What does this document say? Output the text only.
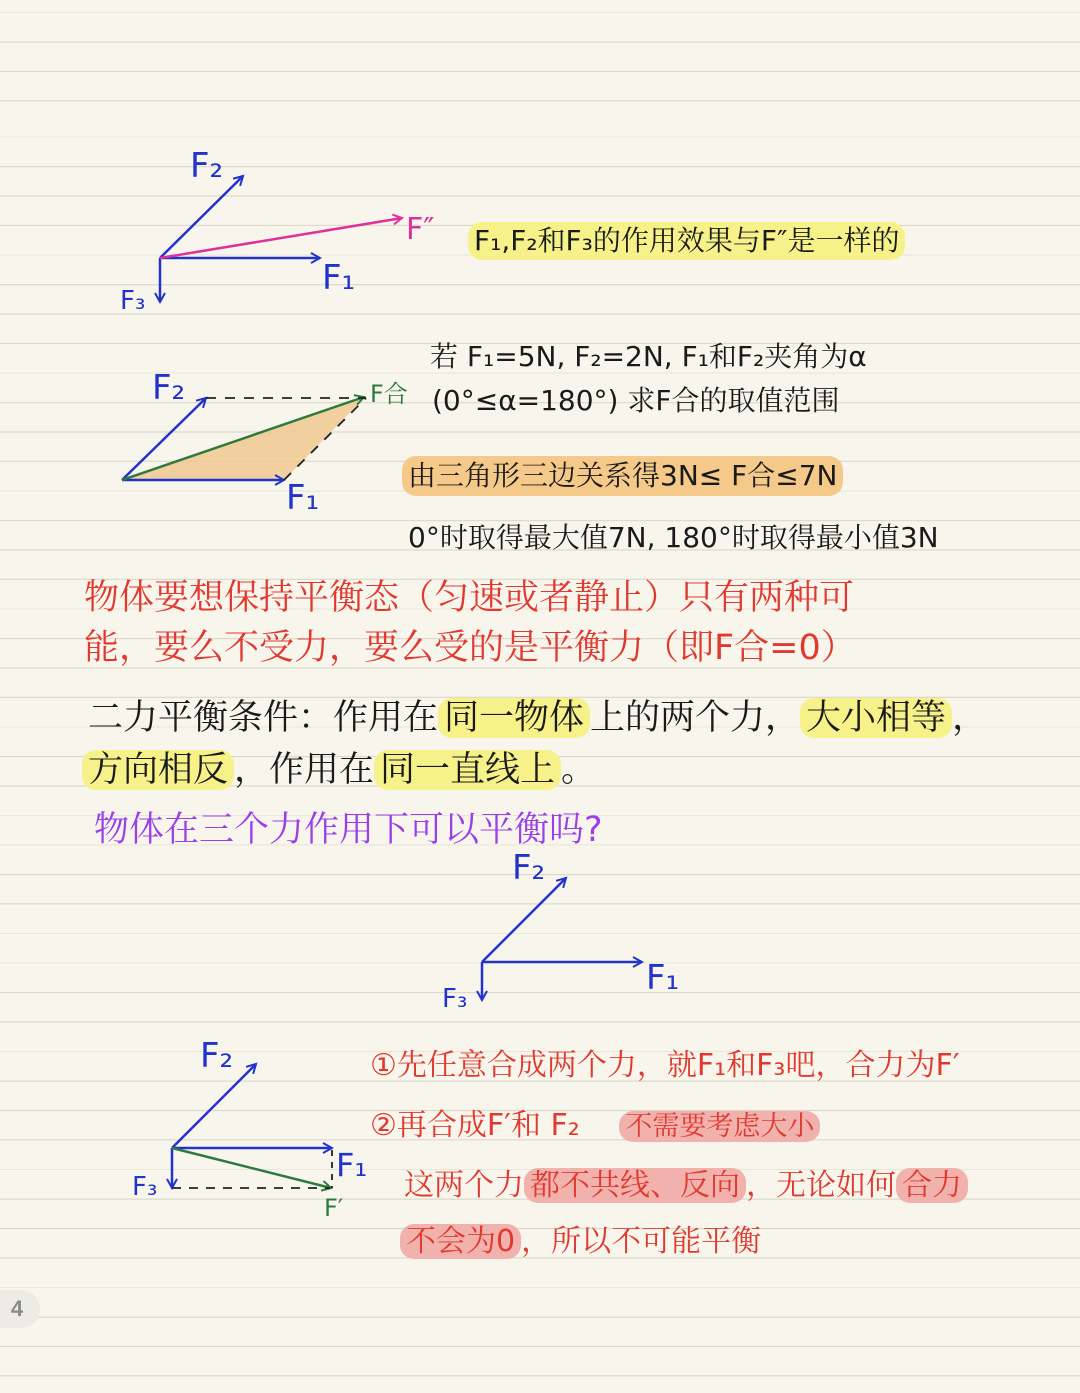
F₂
F₁
F₃
F″ F₁,F₂和F₃的作用效果与F″是一样的
F₂
F₁
F合
若 F₁=5N, F₂=2N, F₁和F₂夹角为α
(0°≤α=180°) 求F合的取值范围
由三角形三边关系得3N≤ F合≤7N
0°时取得最大值7N, 180°时取得最小值3N
物体要想保持平衡态（匀速或者静止）只有两种可
能，要么不受力，要么受的是平衡力（即F合=0）
二力平衡条件：作用在 同一物体 上的两个力， 大小相等 ，
方向相反 ，作用在 同一直线上 。
物体在三个力作用下可以平衡吗?
F₂
F₁
F₃
F₂
F₁
F₃
F′
①先任意合成两个力，就F₁和F₃吧，合力为F′
②再合成F′和 F₂ 不需要考虑大小
这两个力 都不共线、反向 ，无论如何 合力
不会为0 ，所以不可能平衡
4
